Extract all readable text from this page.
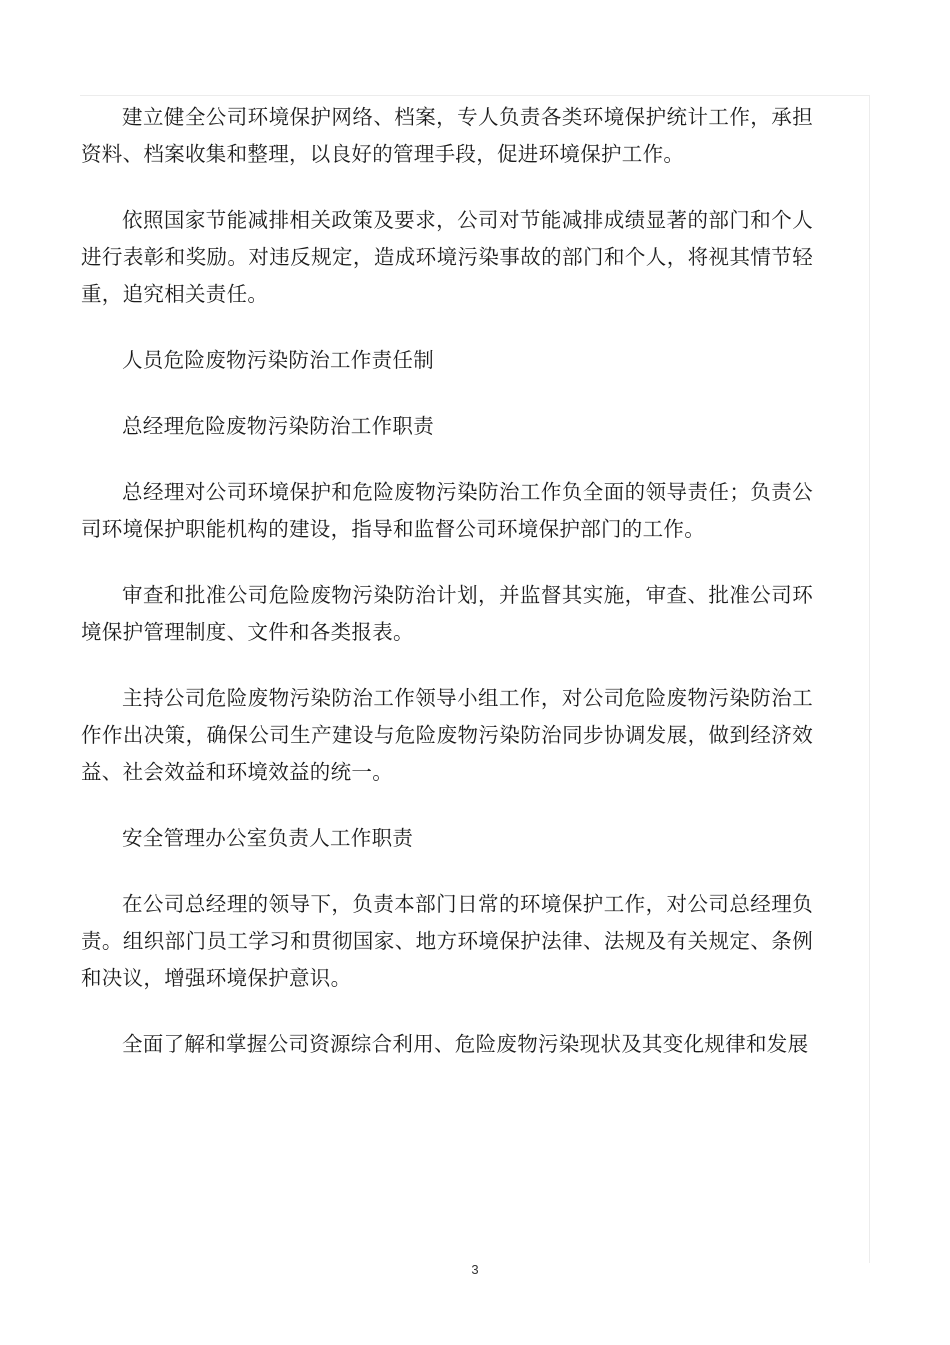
建立健全公司环境保护网络、档案，专人负责各类环境保护统计工作，承担资料、档案收集和整理，以良好的管理手段，促进环境保护工作。

依照国家节能减排相关政策及要求，公司对节能减排成绩显著的部门和个人进行表彰和奖励。对违反规定，造成环境污染事故的部门和个人，将视其情节轻重，追究相关责任。

人员危险废物污染防治工作责任制

总经理危险废物污染防治工作职责

总经理对公司环境保护和危险废物污染防治工作负全面的领导责任；负责公司环境保护职能机构的建设，指导和监督公司环境保护部门的工作。

审查和批准公司危险废物污染防治计划，并监督其实施，审查、批准公司环境保护管理制度、文件和各类报表。

主持公司危险废物污染防治工作领导小组工作，对公司危险废物污染防治工作作出决策，确保公司生产建设与危险废物污染防治同步协调发展，做到经济效益、社会效益和环境效益的统一。

安全管理办公室负责人工作职责

在公司总经理的领导下，负责本部门日常的环境保护工作，对公司总经理负责。组织部门员工学习和贯彻国家、地方环境保护法律、法规及有关规定、条例和决议，增强环境保护意识。

全面了解和掌握公司资源综合利用、危险废物污染现状及其变化规律和发展

3
